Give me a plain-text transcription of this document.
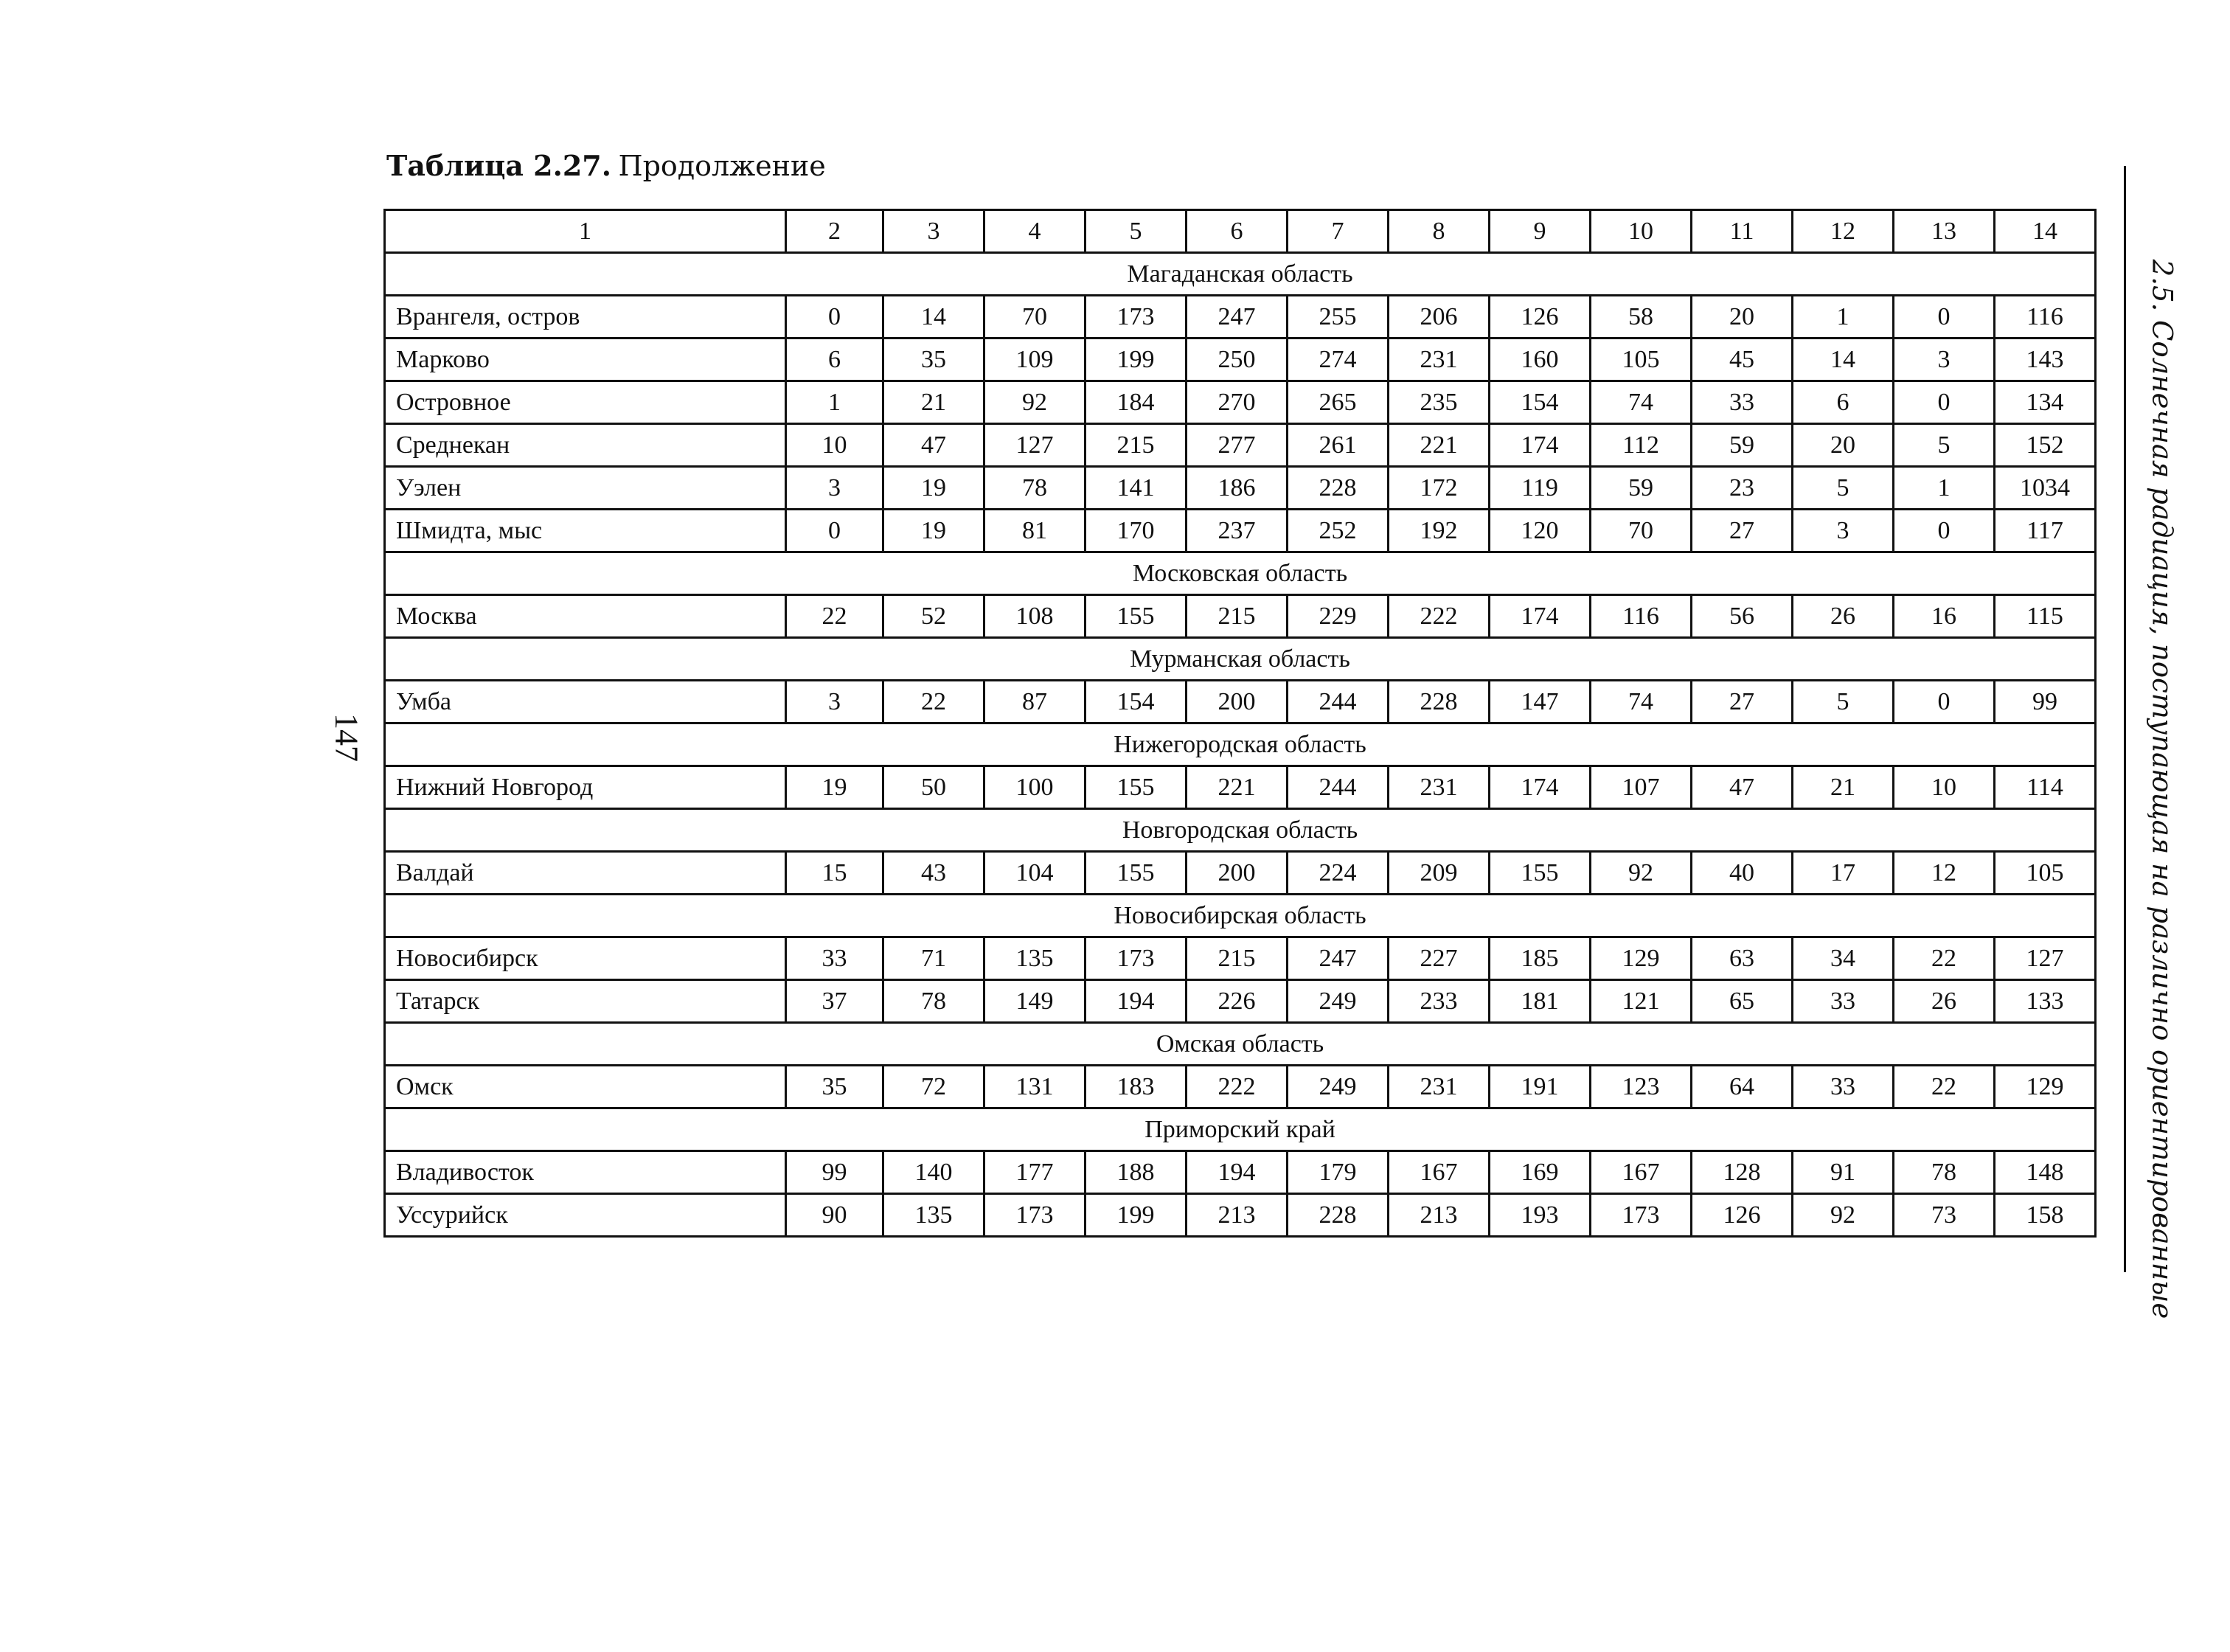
Таблица 2.27. Продолжение
147	2.5. Солнечная радиация, поступающая на различно ориентированные
1	2	3	4	5	6	7	8	9	10	11	12	13	14
Магаданская область													
Врангеля, остров	0	14	70	173	247	255	206	126	58	20	1	0	116
Марково	6	35	109	199	250	274	231	160	105	45	14	3	143
Островное	1	21	92	184	270	265	235	154	74	33	6	0	134
Среднекан	10	47	127	215	277	261	221	174	112	59	20	5	152
Уэлен	3	19	78	141	186	228	172	119	59	23	5	1	1034
Шмидта, мыс	0	19	81	170	237	252	192	120	70	27	3	0	117
Московская область													
Москва	22	52	108	155	215	229	222	174	116	56	26	16	115
Мурманская область													
Умба	3	22	87	154	200	244	228	147	74	27	5	0	99
Нижегородская область													
Нижний Новгород	19	50	100	155	221	244	231	174	107	47	21	10	114
Новгородская область													
Валдай	15	43	104	155	200	224	209	155	92	40	17	12	105
Новосибирская область													
Новосибирск	33	71	135	173	215	247	227	185	129	63	34	22	127
Татарск	37	78	149	194	226	249	233	181	121	65	33	26	133
Омская область													
Омск	35	72	131	183	222	249	231	191	123	64	33	22	129
Приморский край													
Владивосток	99	140	177	188	194	179	167	169	167	128	91	78	148
Уссурийск	90	135	173	199	213	228	213	193	173	126	92	73	158
